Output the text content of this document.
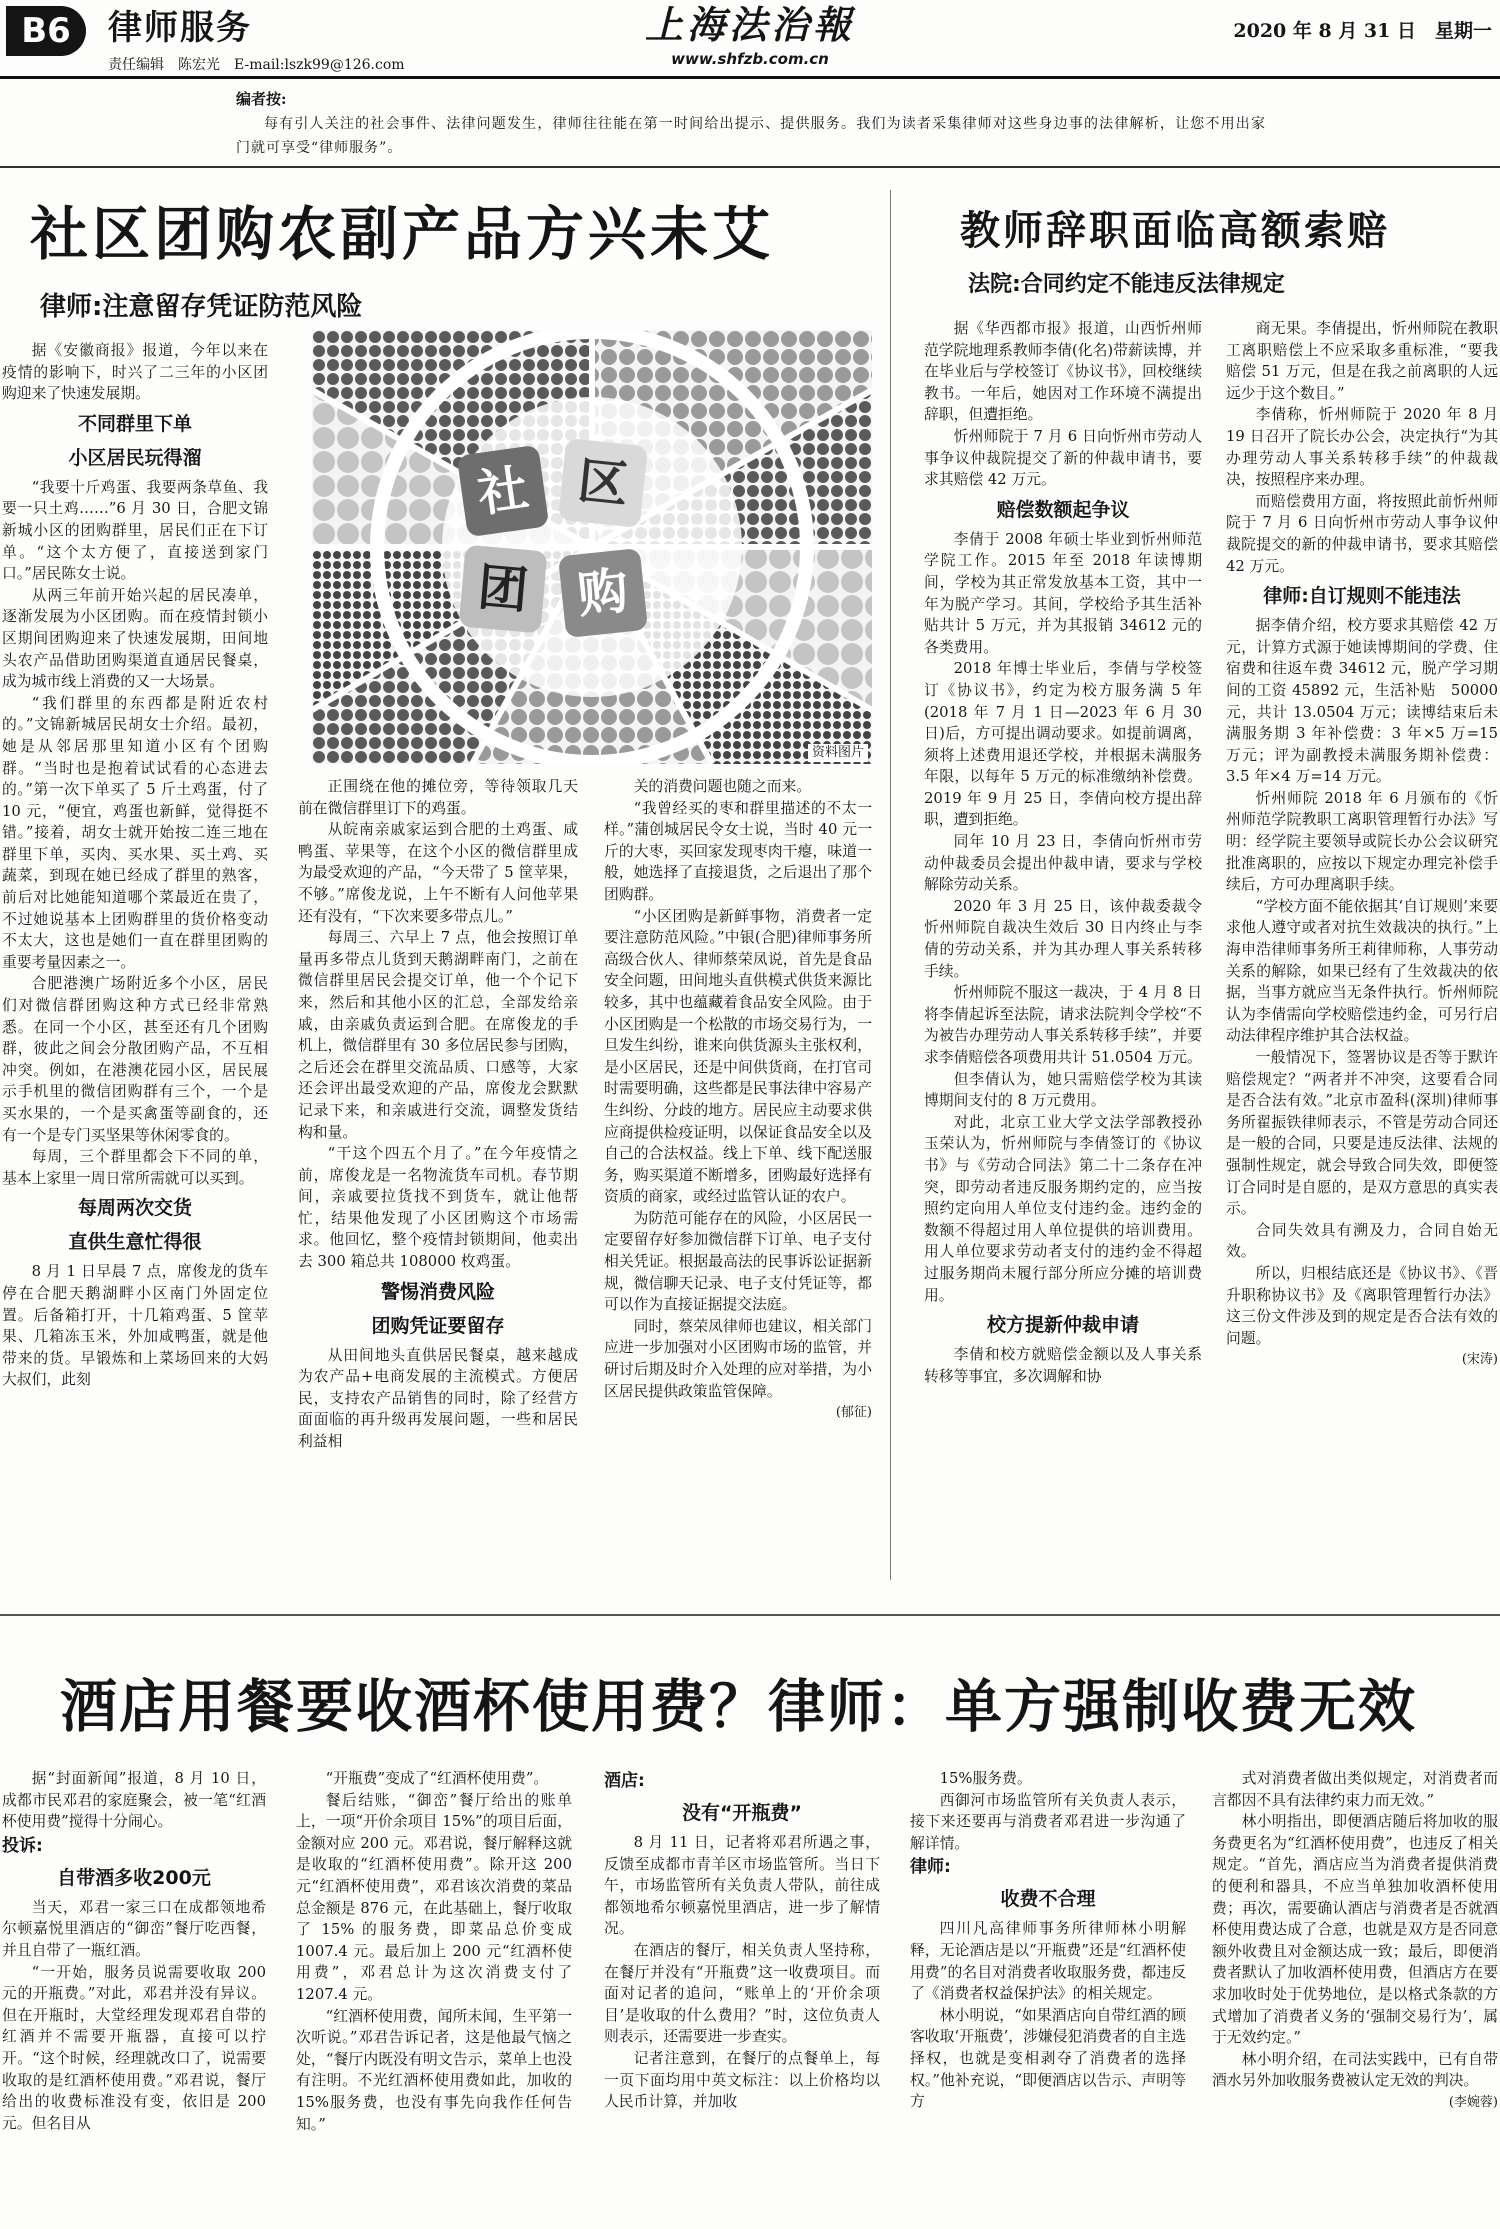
B6	律师服务
责任编辑　陈宏光　E-mail:lszk99@126.com
上海法治報
www.shfzb.com.cn
2020 年 8 月 31 日　星期一
编者按:
每有引人关注的社会事件、法律问题发生，律师往往能在第一时间给出提示、提供服务。我们为读者采集律师对这些身边事的法律解析，让您不用出家门就可享受“律师服务”。
社区团购农副产品方兴未艾
律师:注意留存凭证防范风险
社 区
团 购
资料图片

据《安徽商报》报道，今年以来在疫情的影响下，时兴了二三年的小区团购迎来了快速发展期。

不同群里下单
小区居民玩得溜

“我要十斤鸡蛋、我要两条草鱼、我要一只土鸡……”6 月 30 日，合肥文锦新城小区的团购群里，居民们正在下订单。“这个太方便了，直接送到家门口。”居民陈女士说。

从两三年前开始兴起的居民凑单，逐渐发展为小区团购。而在疫情封锁小区期间团购迎来了快速发展期，田间地头农产品借助团购渠道直通居民餐桌，成为城市线上消费的又一大场景。

“我们群里的东西都是附近农村的。”文锦新城居民胡女士介绍。最初，她是从邻居那里知道小区有个团购群。“当时也是抱着试试看的心态进去的。”第一次下单买了 5 斤土鸡蛋，付了 10 元，“便宜，鸡蛋也新鲜，觉得挺不错。”接着，胡女士就开始按二连三地在群里下单，买肉、买水果、买土鸡、买蔬菜，到现在她已经成了群里的熟客，前后对比她能知道哪个菜最近在贵了，不过她说基本上团购群里的货价格变动不太大，这也是她们一直在群里团购的重要考量因素之一。

合肥港澳广场附近多个小区，居民们对微信群团购这种方式已经非常熟悉。在同一个小区，甚至还有几个团购群，彼此之间会分散团购产品，不互相冲突。例如，在港澳花园小区，居民展示手机里的微信团购群有三个，一个是买水果的，一个是买禽蛋等副食的，还有一个是专门买坚果等休闲零食的。

每周，三个群里都会下不同的单，基本上家里一周日常所需就可以买到。

每周两次交货
直供生意忙得很

8 月 1 日早晨 7 点，席俊龙的货车停在合肥天鹅湖畔小区南门外固定位置。后备箱打开，十几箱鸡蛋、5 筐苹果、几箱冻玉米，外加咸鸭蛋，就是他带来的货。早锻炼和上菜场回来的大妈大叔们，此刻

正围绕在他的摊位旁，等待领取几天前在微信群里订下的鸡蛋。

从皖南亲戚家运到合肥的土鸡蛋、咸鸭蛋、苹果等，在这个小区的微信群里成为最受欢迎的产品，“今天带了 5 筐苹果，不够。”席俊龙说，上午不断有人问他苹果还有没有，“下次来要多带点儿。”

每周三、六早上 7 点，他会按照订单量再多带点儿货到天鹅湖畔南门，之前在微信群里居民会提交订单，他一个个记下来，然后和其他小区的汇总，全部发给亲戚，由亲戚负责运到合肥。在席俊龙的手机上，微信群里有 30 多位居民参与团购，之后还会在群里交流品质、口感等，大家还会评出最受欢迎的产品，席俊龙会默默记录下来，和亲戚进行交流，调整发货结构和量。

“干这个四五个月了。”在今年疫情之前，席俊龙是一名物流货车司机。春节期间，亲戚要拉货找不到货车，就让他帮忙，结果他发现了小区团购这个市场需求。他回忆，整个疫情封锁期间，他卖出去 300 箱总共 108000 枚鸡蛋。

警惕消费风险
团购凭证要留存

从田间地头直供居民餐桌，越来越成为农产品+电商发展的主流模式。方便居民，支持农产品销售的同时，除了经营方面面临的再升级再发展问题，一些和居民利益相

关的消费问题也随之而来。

“我曾经买的枣和群里描述的不太一样。”蒲创城居民令女士说，当时 40 元一斤的大枣，买回家发现枣肉干瘪，味道一般，她选择了直接退货，之后退出了那个团购群。

“小区团购是新鲜事物，消费者一定要注意防范风险。”中银(合肥)律师事务所高级合伙人、律师蔡荣凤说，首先是食品安全问题，田间地头直供模式供货来源比较多，其中也蕴藏着食品安全风险。由于小区团购是一个松散的市场交易行为，一旦发生纠纷，谁来向供货源头主张权利，是小区居民，还是中间供货商，在打官司时需要明确，这些都是民事法律中容易产生纠纷、分歧的地方。居民应主动要求供应商提供检疫证明，以保证食品安全以及自己的合法权益。线上下单、线下配送服务，购买渠道不断增多，团购最好选择有资质的商家，或经过监管认证的农户。

为防范可能存在的风险，小区居民一定要留存好参加微信群下订单、电子支付相关凭证。根据最高法的民事诉讼证据新规，微信聊天记录、电子支付凭证等，都可以作为直接证据提交法庭。

同时，蔡荣凤律师也建议，相关部门应进一步加强对小区团购市场的监管，并研讨后期及时介入处理的应对举措，为小区居民提供政策监管保障。

(郁征)
教师辞职面临高额索赔
法院:合同约定不能违反法律规定

据《华西都市报》报道，山西忻州师范学院地理系教师李倩(化名)带薪读博，并在毕业后与学校签订《协议书》，回校继续教书。一年后，她因对工作环境不满提出辞职，但遭拒绝。

忻州师院于 7 月 6 日向忻州市劳动人事争议仲裁院提交了新的仲裁申请书，要求其赔偿 42 万元。

赔偿数额起争议

李倩于 2008 年硕士毕业到忻州师范学院工作。2015 年至 2018 年读博期间，学校为其正常发放基本工资，其中一年为脱产学习。其间，学校给予其生活补贴共计 5 万元，并为其报销 34612 元的各类费用。

2018 年博士毕业后，李倩与学校签订《协议书》，约定为校方服务满 5 年(2018 年 7 月 1 日—2023 年 6 月 30 日)后，方可提出调动要求。如提前调离，须将上述费用退还学校，并根据未满服务年限，以每年 5 万元的标准缴纳补偿费。2019 年 9 月 25 日，李倩向校方提出辞职，遭到拒绝。

同年 10 月 23 日，李倩向忻州市劳动仲裁委员会提出仲裁申请，要求与学校解除劳动关系。

2020 年 3 月 25 日，该仲裁委裁令忻州师院自裁决生效后 30 日内终止与李倩的劳动关系，并为其办理人事关系转移手续。

忻州师院不服这一裁决，于 4 月 8 日将李倩起诉至法院，请求法院判令学校“不为被告办理劳动人事关系转移手续”，并要求李倩赔偿各项费用共计 51.0504 万元。

但李倩认为，她只需赔偿学校为其读博期间支付的 8 万元费用。

对此，北京工业大学文法学部教授孙玉荣认为，忻州师院与李倩签订的《协议书》与《劳动合同法》第二十二条存在冲突，即劳动者违反服务期约定的，应当按照约定向用人单位支付违约金。违约金的数额不得超过用人单位提供的培训费用。用人单位要求劳动者支付的违约金不得超过服务期尚未履行部分所应分摊的培训费用。

校方提新仲裁申请

李倩和校方就赔偿金额以及人事关系转移等事宜，多次调解和协

商无果。李倩提出，忻州师院在教职工离职赔偿上不应采取多重标准，“要我赔偿 51 万元，但是在我之前离职的人远远少于这个数目。”

李倩称，忻州师院于 2020 年 8 月 19 日召开了院长办公会，决定执行“为其办理劳动人事关系转移手续”的仲裁裁决，按照程序来办理。

而赔偿费用方面，将按照此前忻州师院于 7 月 6 日向忻州市劳动人事争议仲裁院提交的新的仲裁申请书，要求其赔偿 42 万元。

律师:自订规则不能违法

据李倩介绍，校方要求其赔偿 42 万元，计算方式源于她读博期间的学费、住宿费和往返车费 34612 元，脱产学习期间的工资 45892 元，生活补贴　50000　元，共计 13.0504 万元；读博结束后未满服务期 3 年补偿费：3 年×5 万=15 万元；评为副教授未满服务期补偿费：3.5 年×4 万=14 万元。

忻州师院 2018 年 6 月颁布的《忻州师范学院教职工离职管理暂行办法》写明：经学院主要领导或院长办公会议研究批准离职的，应按以下规定办理完补偿手续后，方可办理离职手续。

“学校方面不能依据其‘自订规则’来要求他人遵守或者对抗生效裁决的执行。”上海申浩律师事务所王莉律师称，人事劳动关系的解除，如果已经有了生效裁决的依据，当事方就应当无条件执行。忻州师院认为李倩需向学校赔偿违约金，可另行启动法律程序维护其合法权益。

一般情况下，签署协议是否等于默许赔偿规定？“两者并不冲突，这要看合同是否合法有效。”北京市盈科(深圳)律师事务所翟振铁律师表示，不管是劳动合同还是一般的合同，只要是违反法律、法规的强制性规定，就会导致合同失效，即便签订合同时是自愿的，是双方意思的真实表示。

合同失效具有溯及力，合同自始无效。

所以，归根结底还是《协议书》、《晋升职称协议书》及《离职管理暂行办法》这三份文件涉及到的规定是否合法有效的问题。

(宋涛)
酒店用餐要收酒杯使用费？律师：单方强制收费无效

据“封面新闻”报道，8 月 10 日，成都市民邓君的家庭聚会，被一笔“红酒杯使用费”搅得十分闹心。

投诉:
自带酒多收200元

当天，邓君一家三口在成都领地希尔顿嘉悦里酒店的“御峦”餐厅吃西餐，并且自带了一瓶红酒。

“一开始，服务员说需要收取 200 元的开瓶费。”对此，邓君并没有异议。但在开瓶时，大堂经理发现邓君自带的红酒并不需要开瓶器，直接可以拧开。“这个时候，经理就改口了，说需要收取的是红酒杯使用费。”邓君说，餐厅给出的收费标准没有变，依旧是 200 元。但名目从

“开瓶费”变成了“红酒杯使用费”。

餐后结账，“御峦”餐厅给出的账单上，一项“开价余项目 15%”的项目后面，金额对应 200 元。邓君说，餐厅解释这就是收取的“红酒杯使用费”。除开这 200 元“红酒杯使用费”，邓君该次消费的菜品总金额是 876 元，在此基础上，餐厅收取了 15% 的服务费，即菜品总价变成 1007.4 元。最后加上 200 元“红酒杯使用费”，邓君总计为这次消费支付了 1207.4 元。

“红酒杯使用费，闻所未闻，生平第一次听说。”邓君告诉记者，这是他最气恼之处，“餐厅内既没有明文告示，菜单上也没有注明。不光红酒杯使用费如此，加收的 15%服务费，也没有事先向我作任何告知。”

酒店:
没有“开瓶费”

8 月 11 日，记者将邓君所遇之事，反馈至成都市青羊区市场监管所。当日下午，市场监管所有关负责人带队，前往成都领地希尔顿嘉悦里酒店，进一步了解情况。

在酒店的餐厅，相关负责人坚持称，在餐厅并没有“开瓶费”这一收费项目。而面对记者的追问，“账单上的‘开价余项目’是收取的什么费用？”时，这位负责人则表示，还需要进一步查实。

记者注意到，在餐厅的点餐单上，每一页下面均用中英文标注：以上价格均以人民币计算，并加收

15%服务费。

西御河市场监管所有关负责人表示，接下来还要再与消费者邓君进一步沟通了解详情。

律师:
收费不合理

四川凡高律师事务所律师林小明解释，无论酒店是以“开瓶费”还是“红酒杯使用费”的名目对消费者收取服务费，都违反了《消费者权益保护法》的相关规定。

林小明说，“如果酒店向自带红酒的顾客收取‘开瓶费’，涉嫌侵犯消费者的自主选择权，也就是变相剥夺了消费者的选择权。”他补充说，“即便酒店以告示、声明等方

式对消费者做出类似规定，对消费者而言都因不具有法律约束力而无效。”

林小明指出，即便酒店随后将加收的服务费更名为“红酒杯使用费”，也违反了相关规定。“首先，酒店应当为消费者提供消费的便利和器具，不应当单独加收酒杯使用费；再次，需要确认酒店与消费者是否就酒杯使用费达成了合意，也就是双方是否同意额外收费且对金额达成一致；最后，即便消费者默认了加收酒杯使用费，但酒店方在要求加收时处于优势地位，是以格式条款的方式增加了消费者义务的‘强制交易行为’，属于无效约定。”

林小明介绍，在司法实践中，已有自带酒水另外加收服务费被认定无效的判决。

(李婉蓉)
